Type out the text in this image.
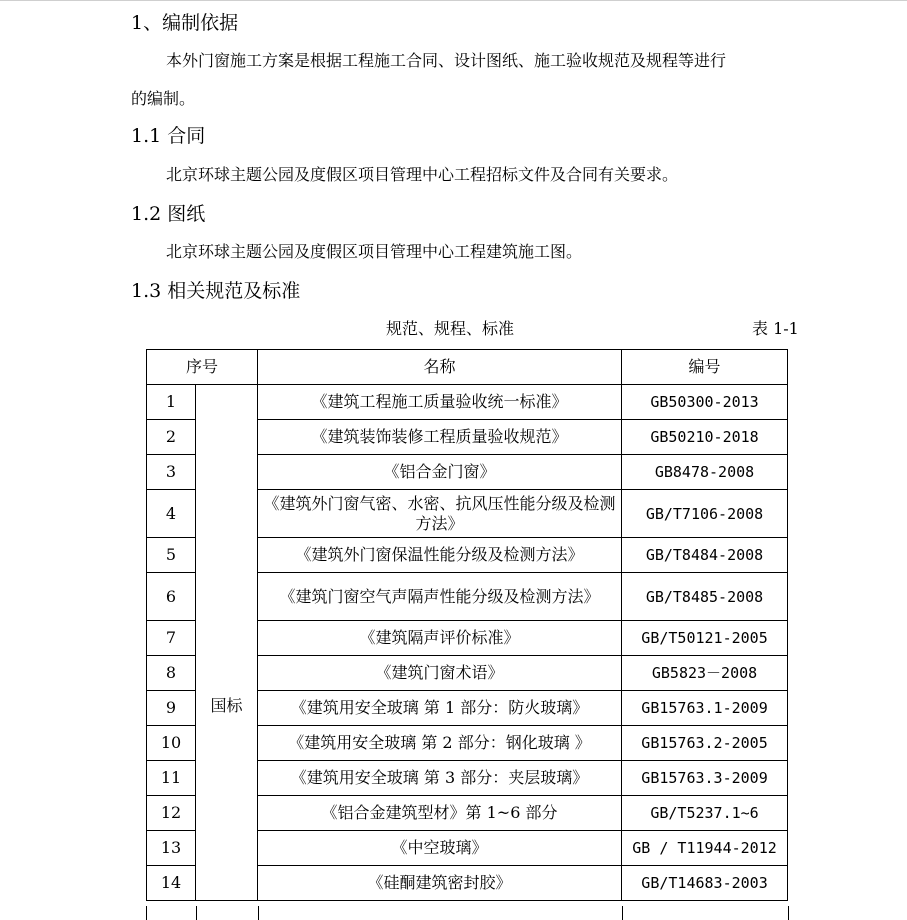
1、编制依据
本外门窗施工方案是根据工程施工合同、设计图纸、施工验收规范及规程等进行
的编制。
1.1 合同
北京环球主题公园及度假区项目管理中心工程招标文件及合同有关要求。
1.2 图纸
北京环球主题公园及度假区项目管理中心工程建筑施工图。
1.3 相关规范及标准
规范、规程、标准	表 1-1
序号		名称	编号
1	国标	《建筑工程施工质量验收统一标准》	GB50300-2013
2		《建筑装饰装修工程质量验收规范》	GB50210-2018
3		《铝合金门窗》	GB8478-2008
4		《建筑外门窗气密、水密、抗风压性能分级及检测方法》	GB/T7106-2008
5		《建筑外门窗保温性能分级及检测方法》	GB/T8484-2008
6		《建筑门窗空气声隔声性能分级及检测方法》	GB/T8485-2008
7		《建筑隔声评价标准》	GB/T50121-2005
8		《建筑门窗术语》	GB5823－2008
9		《建筑用安全玻璃 第 1 部分：防火玻璃》	GB15763.1-2009
10		《建筑用安全玻璃 第 2 部分：钢化玻璃 》	GB15763.2-2005
11		《建筑用安全玻璃 第 3 部分：夹层玻璃》	GB15763.3-2009
12		《铝合金建筑型材》第 1~6 部分	GB/T5237.1~6
13		《中空玻璃》	GB / T11944-2012
14		《硅酮建筑密封胶》	GB/T14683-2003
